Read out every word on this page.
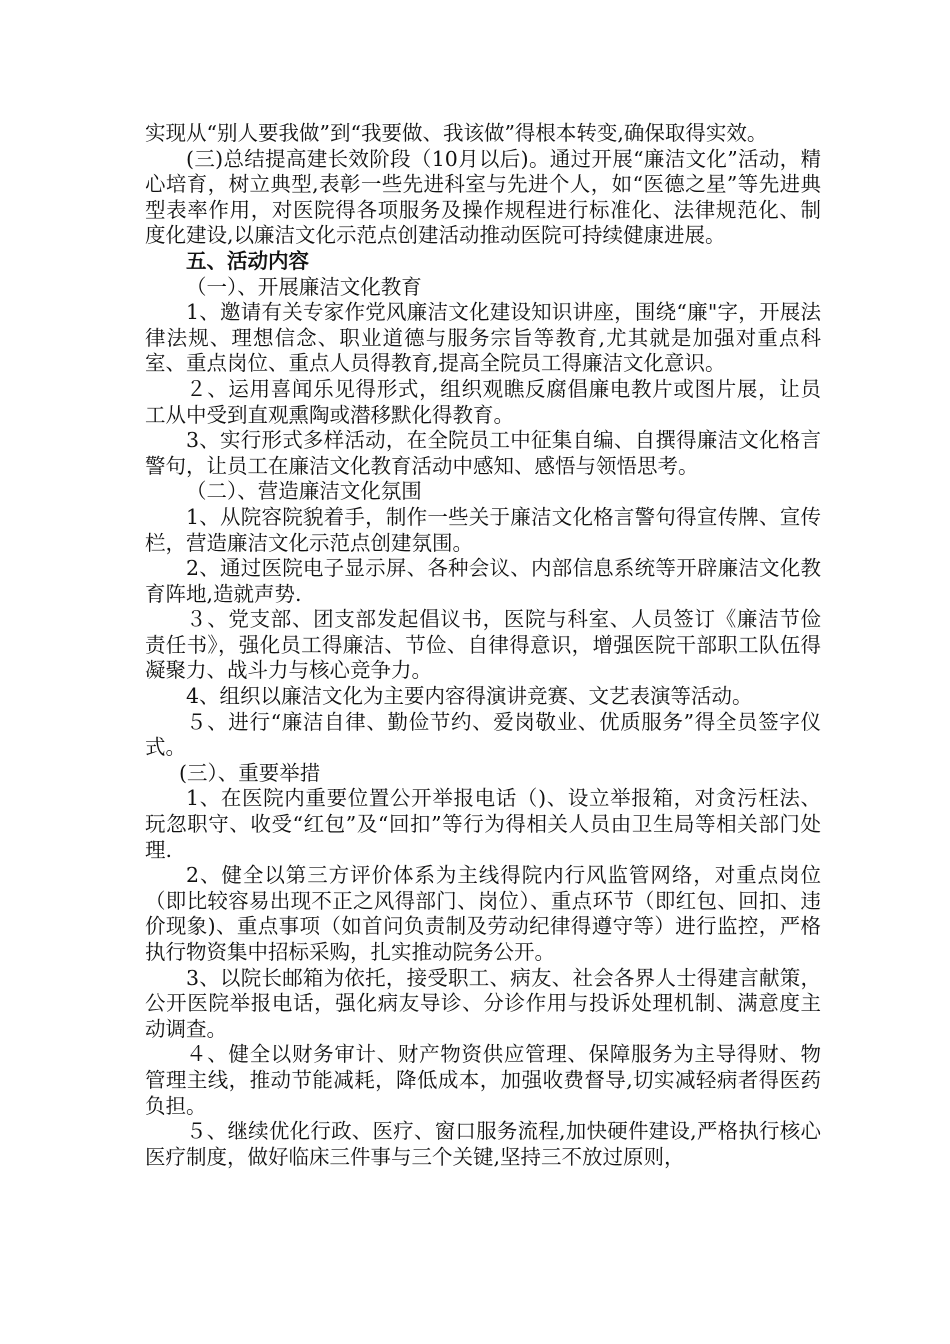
实现从“别人要我做”到“我要做、我该做”得根本转变,确保取得实效。

(三)总结提高建长效阶段（10月以后)。通过开展“廉洁文化”活动，精心培育，树立典型,表彰一些先进科室与先进个人，如“医德之星”等先进典型表率作用，对医院得各项服务及操作规程进行标准化、法律规范化、制度化建设,以廉洁文化示范点创建活动推动医院可持续健康进展。

五、活动内容

（一）、开展廉洁文化教育

1、邀请有关专家作党风廉洁文化建设知识讲座，围绕“廉"字，开展法律法规、理想信念、职业道德与服务宗旨等教育,尤其就是加强对重点科室、重点岗位、重点人员得教育,提高全院员工得廉洁文化意识。

２、运用喜闻乐见得形式，组织观瞧反腐倡廉电教片或图片展，让员工从中受到直观熏陶或潜移默化得教育。

3、实行形式多样活动，在全院员工中征集自编、自撰得廉洁文化格言警句，让员工在廉洁文化教育活动中感知、感悟与领悟思考。

（二）、营造廉洁文化氛围

1、从院容院貌着手，制作一些关于廉洁文化格言警句得宣传牌、宣传栏，营造廉洁文化示范点创建氛围。

2、通过医院电子显示屏、各种会议、内部信息系统等开辟廉洁文化教育阵地,造就声势.

３、党支部、团支部发起倡议书，医院与科室、人员签订《廉洁节俭责任书》，强化员工得廉洁、节俭、自律得意识，增强医院干部职工队伍得凝聚力、战斗力与核心竞争力。

4、组织以廉洁文化为主要内容得演讲竞赛、文艺表演等活动。

５、进行“廉洁自律、勤俭节约、爱岗敬业、优质服务”得全员签字仪式。

(三）、重要举措

1、在医院内重要位置公开举报电话（)、设立举报箱，对贪污枉法、玩忽职守、收受“红包”及“回扣”等行为得相关人员由卫生局等相关部门处理.

2、健全以第三方评价体系为主线得院内行风监管网络，对重点岗位（即比较容易出现不正之风得部门、岗位）、重点环节（即红包、回扣、违价现象)、重点事项（如首问负责制及劳动纪律得遵守等）进行监控，严格执行物资集中招标采购，扎实推动院务公开。

3、以院长邮箱为依托，接受职工、病友、社会各界人士得建言献策，公开医院举报电话，强化病友导诊、分诊作用与投诉处理机制、满意度主动调查。

４、健全以财务审计、财产物资供应管理、保障服务为主导得财、物管理主线，推动节能减耗，降低成本，加强收费督导,切实减轻病者得医药负担。

５、继续优化行政、医疗、窗口服务流程,加快硬件建设,严格执行核心医疗制度，做好临床三件事与三个关键,坚持三不放过原则，
